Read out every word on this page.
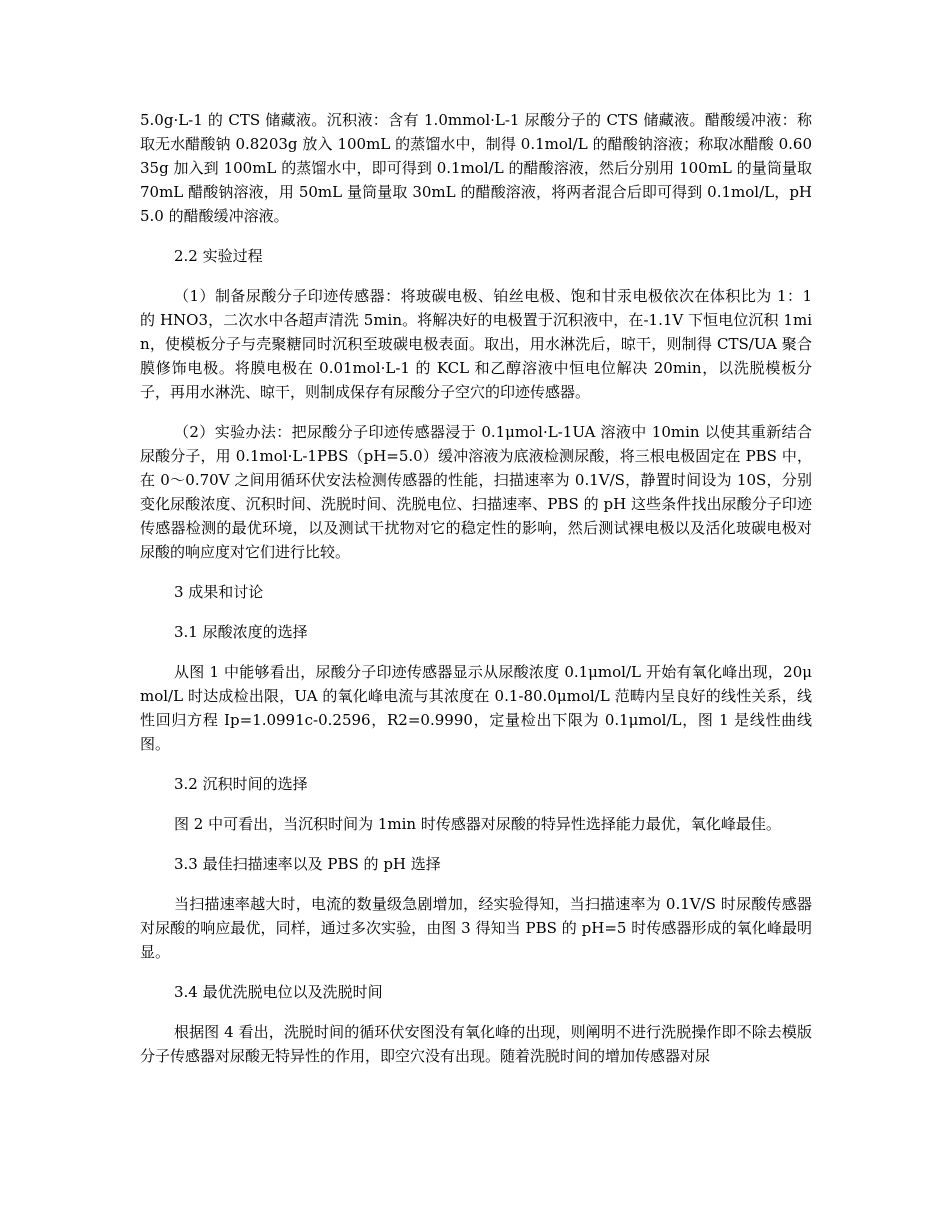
5.0g·L-1 的 CTS 储藏液。沉积液：含有 1.0mmol·L-1 尿酸分子的 CTS 储藏液。醋酸缓冲液：称取无水醋酸钠 0.8203g 放入 100mL 的蒸馏水中，制得 0.1mol/L 的醋酸钠溶液；称取冰醋酸 0.6035g 加入到 100mL 的蒸馏水中，即可得到 0.1mol/L 的醋酸溶液，然后分别用 100mL 的量筒量取 70mL 醋酸钠溶液，用 50mL 量筒量取 30mL 的醋酸溶液，将两者混合后即可得到 0.1mol/L，pH5.0 的醋酸缓冲溶液。

2.2 实验过程

（1）制备尿酸分子印迹传感器：将玻碳电极、铂丝电极、饱和甘汞电极依次在体积比为 1：1 的 HNO3，二次水中各超声清洗 5min。将解决好的电极置于沉积液中，在-1.1V 下恒电位沉积 1min，使模板分子与壳聚糖同时沉积至玻碳电极表面。取出，用水淋洗后，晾干，则制得 CTS/UA 聚合膜修饰电极。将膜电极在 0.01mol·L-1 的 KCL 和乙醇溶液中恒电位解决 20min，以洗脱模板分子，再用水淋洗、晾干，则制成保存有尿酸分子空穴的印迹传感器。

（2）实验办法：把尿酸分子印迹传感器浸于 0.1μmol·L-1UA 溶液中 10min 以使其重新结合尿酸分子，用 0.1mol·L-1PBS（pH=5.0）缓冲溶液为底液检测尿酸，将三根电极固定在 PBS 中，在 0～0.70V 之间用循环伏安法检测传感器的性能，扫描速率为 0.1V/S，静置时间设为 10S，分别变化尿酸浓度、沉积时间、洗脱时间、洗脱电位、扫描速率、PBS 的 pH 这些条件找出尿酸分子印迹传感器检测的最优环境，以及测试干扰物对它的稳定性的影响，然后测试裸电极以及活化玻碳电极对尿酸的响应度对它们进行比较。

3 成果和讨论

3.1 尿酸浓度的选择

从图 1 中能够看出，尿酸分子印迹传感器显示从尿酸浓度 0.1μmol/L 开始有氧化峰出现，20μmol/L 时达成检出限，UA 的氧化峰电流与其浓度在 0.1-80.0μmol/L 范畴内呈良好的线性关系，线性回归方程 Ip=1.0991c-0.2596，R2=0.9990，定量检出下限为 0.1μmol/L，图 1 是线性曲线图。

3.2 沉积时间的选择

图 2 中可看出，当沉积时间为 1min 时传感器对尿酸的特异性选择能力最优，氧化峰最佳。

3.3 最佳扫描速率以及 PBS 的 pH 选择

当扫描速率越大时，电流的数量级急剧增加，经实验得知，当扫描速率为 0.1V/S 时尿酸传感器对尿酸的响应最优，同样，通过多次实验，由图 3 得知当 PBS 的 pH=5 时传感器形成的氧化峰最明显。

3.4 最优洗脱电位以及洗脱时间

根据图 4 看出，洗脱时间的循环伏安图没有氧化峰的出现，则阐明不进行洗脱操作即不除去模版分子传感器对尿酸无特异性的作用，即空穴没有出现。随着洗脱时间的增加传感器对尿
